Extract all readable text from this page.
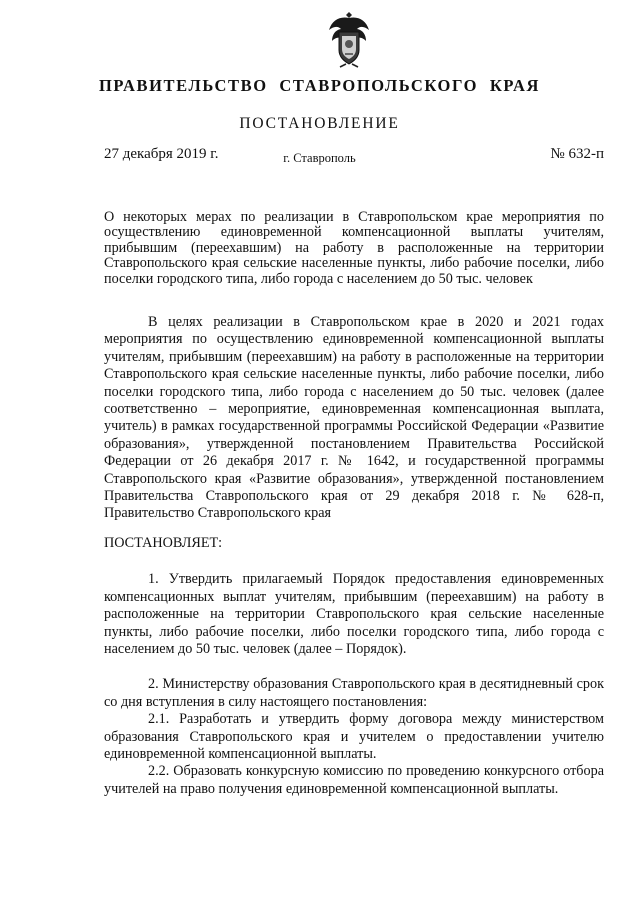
ПРАВИТЕЛЬСТВО СТАВРОПОЛЬСКОГО КРАЯ
ПОСТАНОВЛЕНИЕ
27 декабря 2019 г.	г. Ставрополь	№ 632-п
О некоторых мерах по реализации в Ставропольском крае мероприятия по осуществлению единовременной компенсационной выплаты учителям, прибывшим (переехавшим) на работу в расположенные на территории Ставропольского края сельские населенные пункты, либо рабочие поселки, либо поселки городского типа, либо города с населением до 50 тыс. человек

В целях реализации в Ставропольском крае в 2020 и 2021 годах мероприятия по осуществлению единовременной компенсационной выплаты учителям, прибывшим (переехавшим) на работу в расположенные на территории Ставропольского края сельские населенные пункты, либо рабочие поселки, либо поселки городского типа, либо города с населением до 50 тыс. человек (далее соответственно – мероприятие, единовременная компенсационная выплата, учитель) в рамках государственной программы Российской Федерации «Развитие образования», утвержденной постановлением Правительства Российской Федерации от 26 декабря 2017 г. № 1642, и государственной программы Ставропольского края «Развитие образования», утвержденной постановлением Правительства Ставропольского края от 29 декабря 2018 г. № 628-п, Правительство Ставропольского края

ПОСТАНОВЛЯЕТ:

1. Утвердить прилагаемый Порядок предоставления единовременных компенсационных выплат учителям, прибывшим (переехавшим) на работу в расположенные на территории Ставропольского края сельские населенные пункты, либо рабочие поселки, либо поселки городского типа, либо города с населением до 50 тыс. человек (далее – Порядок).

2. Министерству образования Ставропольского края в десятидневный срок со дня вступления в силу настоящего постановления:

2.1. Разработать и утвердить форму договора между министерством образования Ставропольского края и учителем о предоставлении учителю единовременной компенсационной выплаты.

2.2. Образовать конкурсную комиссию по проведению конкурсного отбора учителей на право получения единовременной компенсационной выплаты.
